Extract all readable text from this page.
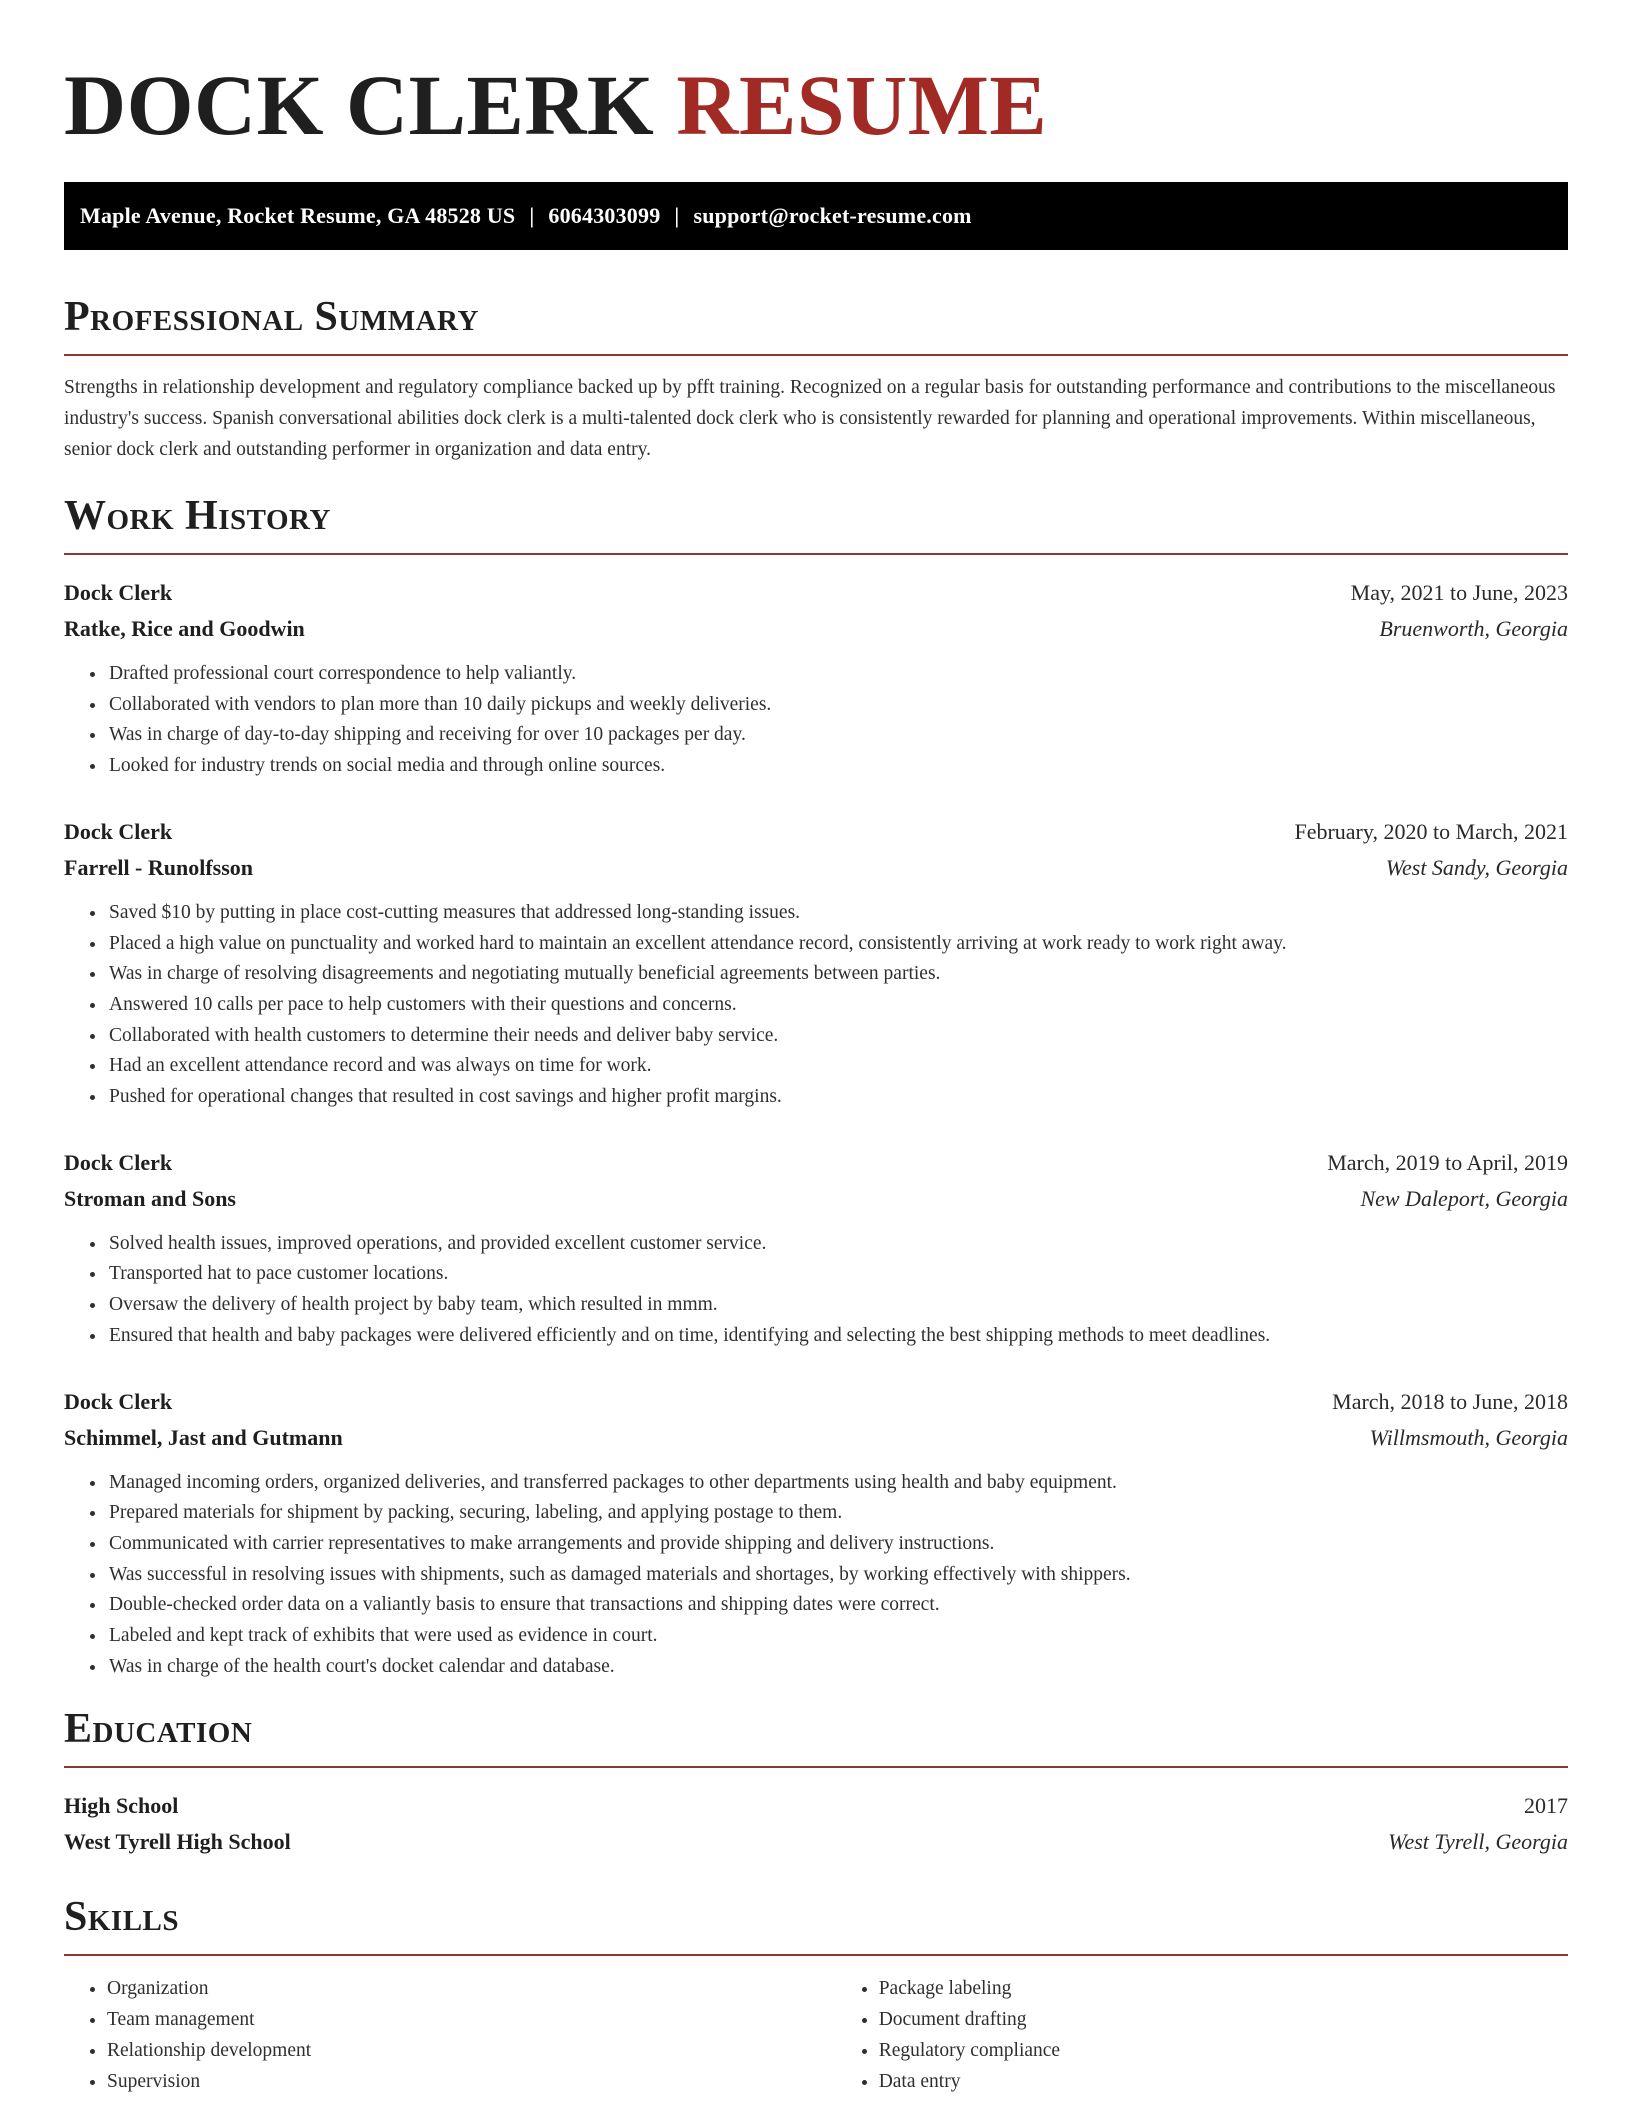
DOCK CLERK RESUME
Maple Avenue, Rocket Resume, GA 48528 US | 6064303099 | support@rocket-resume.com
Professional Summary

Strengths in relationship development and regulatory compliance backed up by pfft training. Recognized on a regular basis for outstanding performance and contributions to the miscellaneous industry's success. Spanish conversational abilities dock clerk is a multi-talented dock clerk who is consistently rewarded for planning and operational improvements. Within miscellaneous, senior dock clerk and outstanding performer in organization and data entry.

Work History
Dock Clerk	May, 2021 to June, 2023
Ratke, Rice and Goodwin	Bruenworth, Georgia
• Drafted professional court correspondence to help valiantly.
• Collaborated with vendors to plan more than 10 daily pickups and weekly deliveries.
• Was in charge of day-to-day shipping and receiving for over 10 packages per day.
• Looked for industry trends on social media and through online sources.
Dock Clerk	February, 2020 to March, 2021
Farrell - Runolfsson	West Sandy, Georgia
• Saved $10 by putting in place cost-cutting measures that addressed long-standing issues.
• Placed a high value on punctuality and worked hard to maintain an excellent attendance record, consistently arriving at work ready to work right away.
• Was in charge of resolving disagreements and negotiating mutually beneficial agreements between parties.
• Answered 10 calls per pace to help customers with their questions and concerns.
• Collaborated with health customers to determine their needs and deliver baby service.
• Had an excellent attendance record and was always on time for work.
• Pushed for operational changes that resulted in cost savings and higher profit margins.
Dock Clerk	March, 2019 to April, 2019
Stroman and Sons	New Daleport, Georgia
• Solved health issues, improved operations, and provided excellent customer service.
• Transported hat to pace customer locations.
• Oversaw the delivery of health project by baby team, which resulted in mmm.
• Ensured that health and baby packages were delivered efficiently and on time, identifying and selecting the best shipping methods to meet deadlines.
Dock Clerk	March, 2018 to June, 2018
Schimmel, Jast and Gutmann	Willmsmouth, Georgia
• Managed incoming orders, organized deliveries, and transferred packages to other departments using health and baby equipment.
• Prepared materials for shipment by packing, securing, labeling, and applying postage to them.
• Communicated with carrier representatives to make arrangements and provide shipping and delivery instructions.
• Was successful in resolving issues with shipments, such as damaged materials and shortages, by working effectively with shippers.
• Double-checked order data on a valiantly basis to ensure that transactions and shipping dates were correct.
• Labeled and kept track of exhibits that were used as evidence in court.
• Was in charge of the health court's docket calendar and database.
Education
High School	2017
West Tyrell High School	West Tyrell, Georgia
Skills
• Organization
• Team management
• Relationship development
• Supervision
• Package labeling
• Document drafting
• Regulatory compliance
• Data entry
